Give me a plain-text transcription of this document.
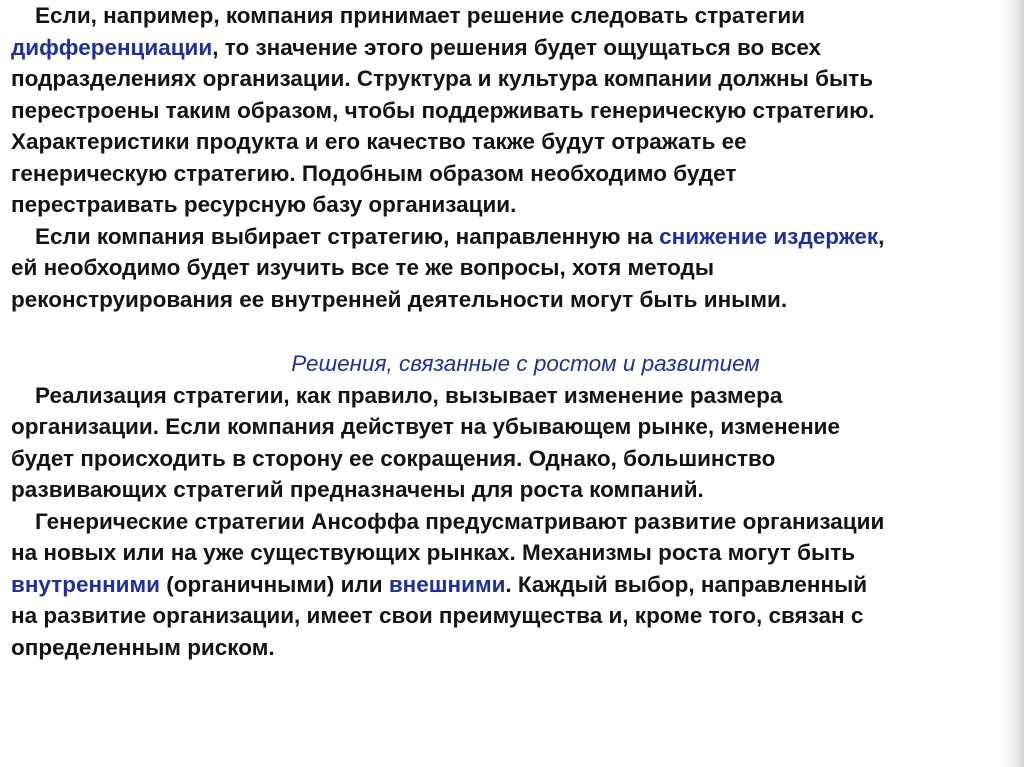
Если, например, компания принимает решение следовать стратегии
дифференциации, то значение этого решения будет ощущаться во всех
подразделениях организации. Структура и культура компании должны быть
перестроены таким образом, чтобы поддерживать генерическую стратегию.
Характеристики продукта и его качество также будут отражать ее
генерическую стратегию. Подобным образом необходимо будет
перестраивать ресурсную базу организации.
Если компания выбирает стратегию, направленную на снижение издержек,
ей необходимо будет изучить все те же вопросы, хотя методы
реконструирования ее внутренней деятельности могут быть иными.
Решения, связанные с ростом и развитием
Реализация стратегии, как правило, вызывает изменение размера
организации. Если компания действует на убывающем рынке, изменение
будет происходить в сторону ее сокращения. Однако, большинство
развивающих стратегий предназначены для роста компаний.
Генерические стратегии Ансоффа предусматривают развитие организации
на новых или на уже существующих рынках. Механизмы роста могут быть
внутренними (органичными) или внешними. Каждый выбор, направленный
на развитие организации, имеет свои преимущества и, кроме того, связан с
определенным риском.
